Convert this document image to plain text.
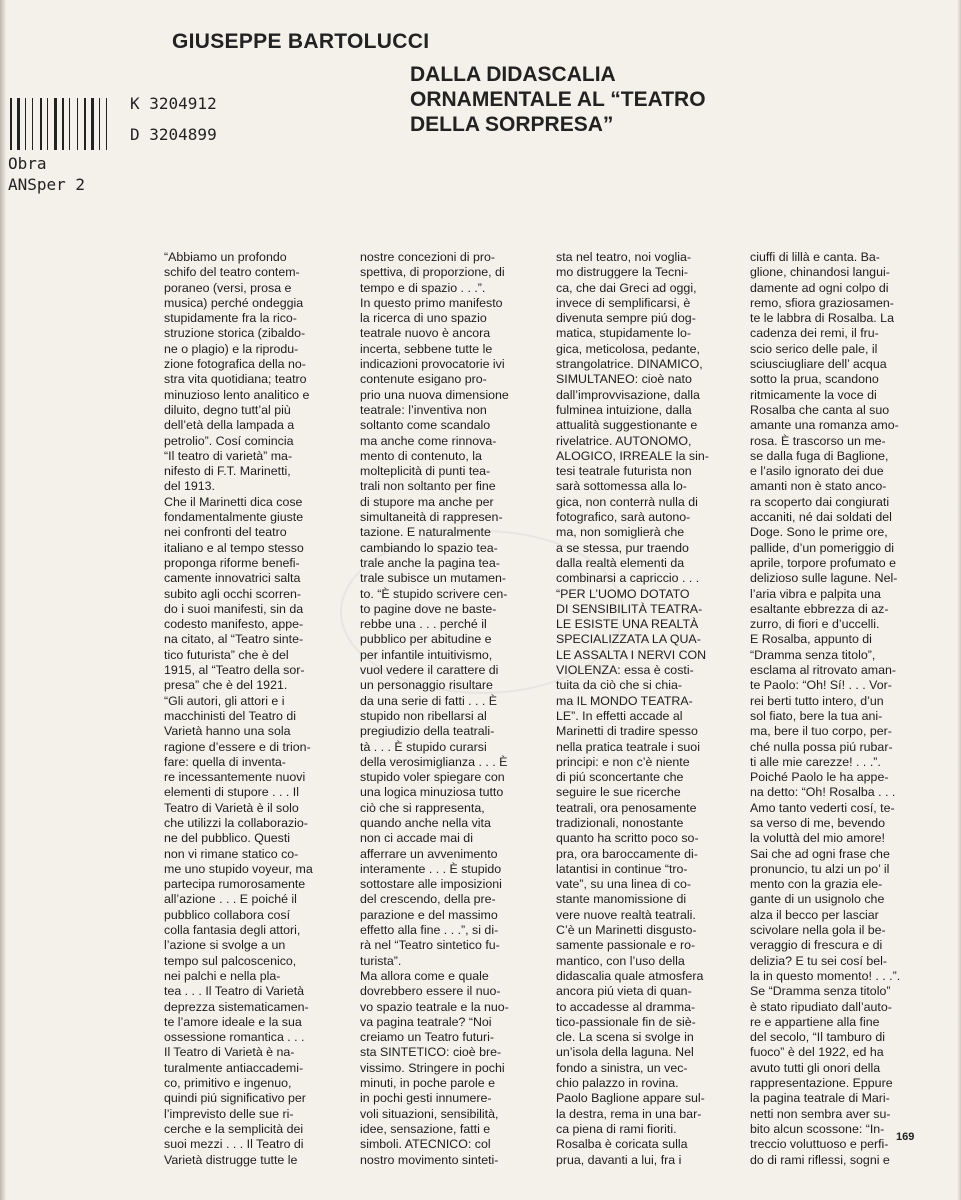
GIUSEPPE BARTOLUCCI
DALLA DIDASCALIA
ORNAMENTALE AL “TEATRO
DELLA SORPRESA”
K 3204912
D 3204899
Obra
ANSper 2

“Abbiamo un profondo
schifo del teatro contem-
poraneo (versi, prosa e
musica) perché ondeggia
stupidamente fra la rico-
struzione storica (zibaldo-
ne o plagio) e la riprodu-
zione fotografica della no-
stra vita quotidiana; teatro
minuzioso lento analitico e
diluito, degno tutt’al più
dell’età della lampada a
petrolio”. Cosí comincia
“Il teatro di varietà” ma-
nifesto di F.T. Marinetti,
del 1913.
Che il Marinetti dica cose
fondamentalmente giuste
nei confronti del teatro
italiano e al tempo stesso
proponga riforme benefi-
camente innovatrici salta
subito agli occhi scorren-
do i suoi manifesti, sin da
codesto manifesto, appe-
na citato, al “Teatro sinte-
tico futurista” che è del
1915, al “Teatro della sor-
presa” che è del 1921.
“Gli autori, gli attori e i
macchinisti del Teatro di
Varietà hanno una sola
ragione d’essere e di trion-
fare: quella di inventa-
re incessantemente nuovi
elementi di stupore . . . Il
Teatro di Varietà è il solo
che utilizzi la collaborazio-
ne del pubblico. Questi
non vi rimane statico co-
me uno stupido voyeur, ma
partecipa rumorosamente
all’azione . . . E poiché il
pubblico collabora cosí
colla fantasia degli attori,
l’azione si svolge a un
tempo sul palcoscenico,
nei palchi e nella pla-
tea . . . Il Teatro di Varietà
deprezza sistematicamen-
te l’amore ideale e la sua
ossessione romantica . . .
Il Teatro di Varietà è na-
turalmente antiaccademi-
co, primitivo e ingenuo,
quindi piú significativo per
l’imprevisto delle sue ri-
cerche e la semplicità dei
suoi mezzi . . . Il Teatro di
Varietà distrugge tutte le

nostre concezioni di pro-
spettiva, di proporzione, di
tempo e di spazio . . .”.
In questo primo manifesto
la ricerca di uno spazio
teatrale nuovo è ancora
incerta, sebbene tutte le
indicazioni provocatorie ivi
contenute esigano pro-
prio una nuova dimensione
teatrale: l’inventiva non
soltanto come scandalo
ma anche come rinnova-
mento di contenuto, la
molteplicità di punti tea-
trali non soltanto per fine
di stupore ma anche per
simultaneità di rappresen-
tazione. E naturalmente
cambiando lo spazio tea-
trale anche la pagina tea-
trale subisce un mutamen-
to. “È stupido scrivere cen-
to pagine dove ne baste-
rebbe una . . . perché il
pubblico per abitudine e
per infantile intuitivismo,
vuol vedere il carattere di
un personaggio risultare
da una serie di fatti . . . È
stupido non ribellarsi al
pregiudizio della teatrali-
tà . . . È stupido curarsi
della verosimiglianza . . . È
stupido voler spiegare con
una logica minuziosa tutto
ciò che si rappresenta,
quando anche nella vita
non ci accade mai di
afferrare un avvenimento
interamente . . . È stupido
sottostare alle imposizioni
del crescendo, della pre-
parazione e del massimo
effetto alla fine . . .”, si di-
rà nel “Teatro sintetico fu-
turista”.
Ma allora come e quale
dovrebbero essere il nuo-
vo spazio teatrale e la nuo-
va pagina teatrale? “Noi
creiamo un Teatro futuri-
sta SINTETICO: cioè bre-
vissimo. Stringere in pochi
minuti, in poche parole e
in pochi gesti innumere-
voli situazioni, sensibilità,
idee, sensazione, fatti e
simboli. ATECNICO: col
nostro movimento sinteti-

sta nel teatro, noi voglia-
mo distruggere la Tecni-
ca, che dai Greci ad oggi,
invece di semplificarsi, è
divenuta sempre piú dog-
matica, stupidamente lo-
gica, meticolosa, pedante,
strangolatrice. DINAMICO,
SIMULTANEO: cioè nato
dall’improvvisazione, dalla
fulminea intuizione, dalla
attualità suggestionante e
rivelatrice. AUTONOMO,
ALOGICO, IRREALE la sin-
tesi teatrale futurista non
sarà sottomessa alla lo-
gica, non conterrà nulla di
fotografico, sarà autono-
ma, non somiglierà che
a se stessa, pur traendo
dalla realtà elementi da
combinarsi a capriccio . . .
“PER L’UOMO DOTATO
DI SENSIBILITÀ TEATRA-
LE ESISTE UNA REALTÀ
SPECIALIZZATA LA QUA-
LE ASSALTA I NERVI CON
VIOLENZA: essa è costi-
tuita da ciò che si chia-
ma IL MONDO TEATRA-
LE”. In effetti accade al
Marinetti di tradire spesso
nella pratica teatrale i suoi
principi: e non c’è niente
di piú sconcertante che
seguire le sue ricerche
teatrali, ora penosamente
tradizionali, nonostante
quanto ha scritto poco so-
pra, ora baroccamente di-
latantisi in continue “tro-
vate”, su una linea di co-
stante manomissione di
vere nuove realtà teatrali.
C’è un Marinetti disgusto-
samente passionale e ro-
mantico, con l’uso della
didascalia quale atmosfera
ancora piú vieta di quan-
to accadesse al dramma-
tico-passionale fin de siè-
cle. La scena si svolge in
un’isola della laguna. Nel
fondo a sinistra, un vec-
chio palazzo in rovina.
Paolo Baglione appare sul-
la destra, rema in una bar-
ca piena di rami fioriti.
Rosalba è coricata sulla
prua, davanti a lui, fra i

ciuffi di lillà e canta. Ba-
glione, chinandosi langui-
damente ad ogni colpo di
remo, sfiora graziosamen-
te le labbra di Rosalba. La
cadenza dei remi, il fru-
scio serico delle pale, il
sciusciugliare dell’ acqua
sotto la prua, scandono
ritmicamente la voce di
Rosalba che canta al suo
amante una romanza amo-
rosa. È trascorso un me-
se dalla fuga di Baglione,
e l’asilo ignorato dei due
amanti non è stato anco-
ra scoperto dai congiurati
accaniti, né dai soldati del
Doge. Sono le prime ore,
pallide, d’un pomeriggio di
aprile, torpore profumato e
delizioso sulle lagune. Nel-
l’aria vibra e palpita una
esaltante ebbrezza di az-
zurro, di fiori e d’uccelli.
E Rosalba, appunto di
“Dramma senza titolo”,
esclama al ritrovato aman-
te Paolo: “Oh! Sí! . . . Vor-
rei berti tutto intero, d’un
sol fiato, bere la tua ani-
ma, bere il tuo corpo, per-
ché nulla possa piú rubar-
ti alle mie carezze! . . .”.
Poiché Paolo le ha appe-
na detto: “Oh! Rosalba . . .
Amo tanto vederti cosí, te-
sa verso di me, bevendo
la voluttà del mio amore!
Sai che ad ogni frase che
pronuncio, tu alzi un po’ il
mento con la grazia ele-
gante di un usignolo che
alza il becco per lasciar
scivolare nella gola il be-
veraggio di frescura e di
delizia? E tu sei cosí bel-
la in questo momento! . . .”.
Se “Dramma senza titolo”
è stato ripudiato dall’auto-
re e appartiene alla fine
del secolo, “Il tamburo di
fuoco” è del 1922, ed ha
avuto tutti gli onori della
rappresentazione. Eppure
la pagina teatrale di Mari-
netti non sembra aver su-
bito alcun scossone: “In-
treccio voluttuoso e perfi-
do di rami riflessi, sogni e

169
